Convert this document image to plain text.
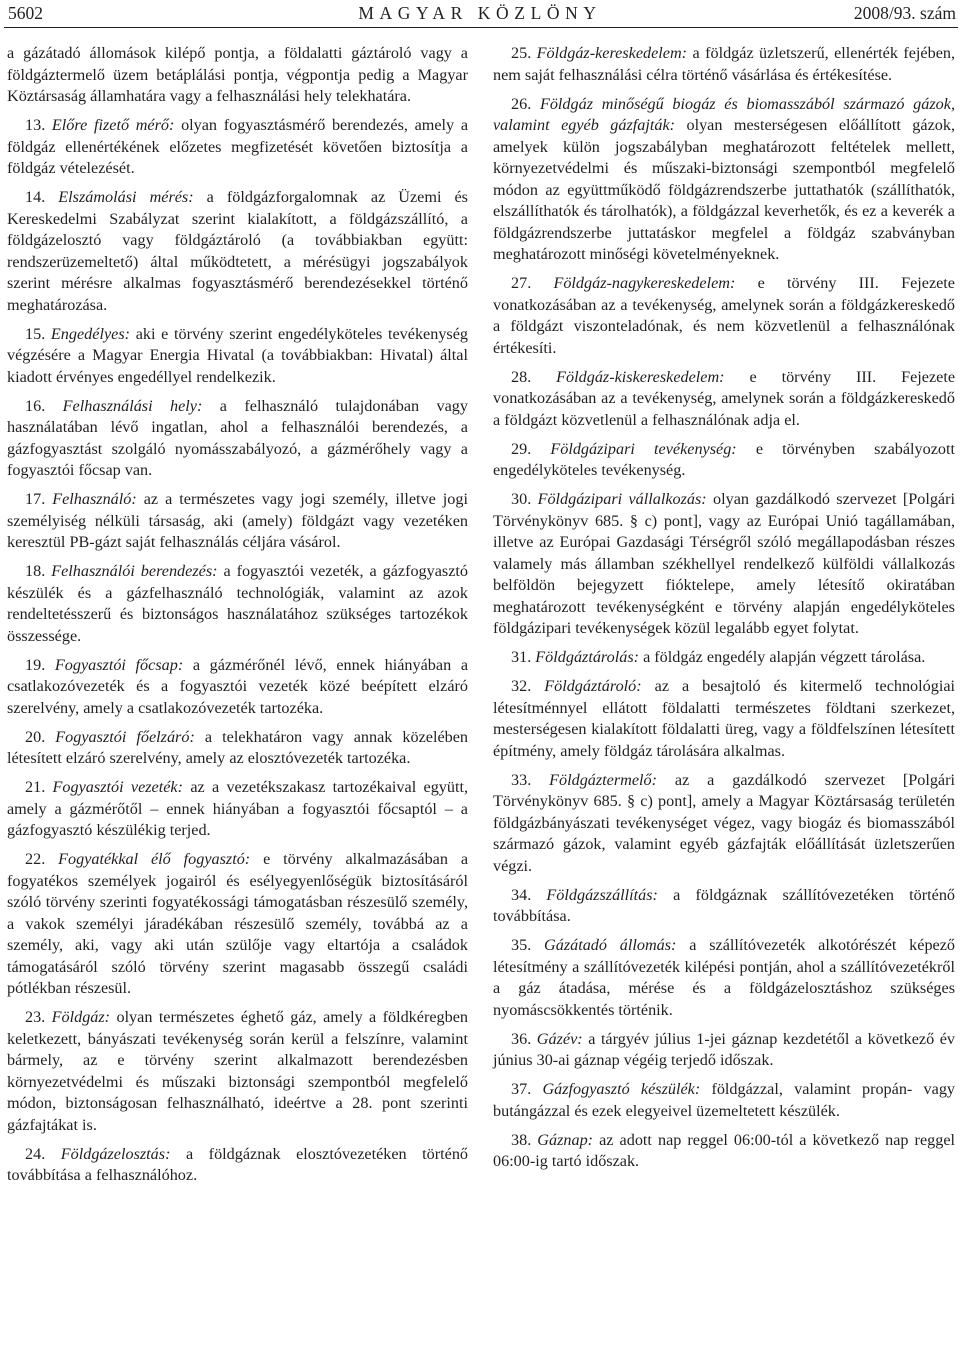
5602	MAGYAR KÖZLÖNY	2008/93. szám

a gázátadó állomások kilépő pontja, a földalatti gáztároló vagy a földgáztermelő üzem betáplálási pontja, végpontja pedig a Magyar Köztársaság államhatára vagy a felhasználási hely telekhatára.

13. Előre fizető mérő: olyan fogyasztásmérő berendezés, amely a földgáz ellenértékének előzetes megfizetését követően biztosítja a földgáz vételezését.

14. Elszámolási mérés: a földgázforgalomnak az Üzemi és Kereskedelmi Szabályzat szerint kialakított, a földgázszállító, a földgázelosztó vagy földgáztároló (a továbbiakban együtt: rendszerüzemeltető) által működtetett, a mérésügyi jogszabályok szerint mérésre alkalmas fogyasztásmérő berendezésekkel történő meghatározása.

15. Engedélyes: aki e törvény szerint engedélyköteles tevékenység végzésére a Magyar Energia Hivatal (a továbbiakban: Hivatal) által kiadott érvényes engedéllyel rendelkezik.

16. Felhasználási hely: a felhasználó tulajdonában vagy használatában lévő ingatlan, ahol a felhasználói berendezés, a gázfogyasztást szolgáló nyomásszabályozó, a gázmérőhely vagy a fogyasztói főcsap van.

17. Felhasználó: az a természetes vagy jogi személy, illetve jogi személyiség nélküli társaság, aki (amely) földgázt vagy vezetéken keresztül PB-gázt saját felhasználás céljára vásárol.

18. Felhasználói berendezés: a fogyasztói vezeték, a gázfogyasztó készülék és a gázfelhasználó technológiák, valamint az azok rendeltetésszerű és biztonságos használatához szükséges tartozékok összessége.

19. Fogyasztói főcsap: a gázmérőnél lévő, ennek hiányában a csatlakozóvezeték és a fogyasztói vezeték közé beépített elzáró szerelvény, amely a csatlakozóvezeték tartozéka.

20. Fogyasztói főelzáró: a telekhatáron vagy annak közelében létesített elzáró szerelvény, amely az elosztóvezeték tartozéka.

21. Fogyasztói vezeték: az a vezetékszakasz tartozékaival együtt, amely a gázmérőtől – ennek hiányában a fogyasztói főcsaptól – a gázfogyasztó készülékig terjed.

22. Fogyatékkal élő fogyasztó: e törvény alkalmazásában a fogyatékos személyek jogairól és esélyegyenlőségük biztosításáról szóló törvény szerinti fogyatékossági támogatásban részesülő személy, a vakok személyi járadékában részesülő személy, továbbá az a személy, aki, vagy aki után szülője vagy eltartója a családok támogatásáról szóló törvény szerint magasabb összegű családi pótlékban részesül.

23. Földgáz: olyan természetes éghető gáz, amely a földkéregben keletkezett, bányászati tevékenység során kerül a felszínre, valamint bármely, az e törvény szerint alkalmazott berendezésben környezetvédelmi és műszaki biztonsági szempontból megfelelő módon, biztonságosan felhasználható, ideértve a 28. pont szerinti gázfajtákat is.

24. Földgázelosztás: a földgáznak elosztóvezetéken történő továbbítása a felhasználóhoz.

25. Földgáz-kereskedelem: a földgáz üzletszerű, ellenérték fejében, nem saját felhasználási célra történő vásárlása és értékesítése.

26. Földgáz minőségű biogáz és biomasszából származó gázok, valamint egyéb gázfajták: olyan mesterségesen előállított gázok, amelyek külön jogszabályban meghatározott feltételek mellett, környezetvédelmi és műszaki-biztonsági szempontból megfelelő módon az együttműködő földgázrendszerbe juttathatók (szállíthatók, elszállíthatók és tárolhatók), a földgázzal keverhetők, és ez a keverék a földgázrendszerbe juttatáskor megfelel a földgáz szabványban meghatározott minőségi követelményeknek.

27. Földgáz-nagykereskedelem: e törvény III. Fejezete vonatkozásában az a tevékenység, amelynek során a földgázkereskedő a földgázt viszonteladónak, és nem közvetlenül a felhasználónak értékesíti.

28. Földgáz-kiskereskedelem: e törvény III. Fejezete vonatkozásában az a tevékenység, amelynek során a földgázkereskedő a földgázt közvetlenül a felhasználónak adja el.

29. Földgázipari tevékenység: e törvényben szabályozott engedélyköteles tevékenység.

30. Földgázipari vállalkozás: olyan gazdálkodó szervezet [Polgári Törvénykönyv 685. § c) pont], vagy az Európai Unió tagállamában, illetve az Európai Gazdasági Térségről szóló megállapodásban részes valamely más államban székhellyel rendelkező külföldi vállalkozás belföldön bejegyzett fióktelepe, amely létesítő okiratában meghatározott tevékenységként e törvény alapján engedélyköteles földgázipari tevékenységek közül legalább egyet folytat.

31. Földgáztárolás: a földgáz engedély alapján végzett tárolása.

32. Földgáztároló: az a besajtoló és kitermelő technológiai létesítménnyel ellátott földalatti természetes földtani szerkezet, mesterségesen kialakított földalatti üreg, vagy a földfelszínen létesített építmény, amely földgáz tárolására alkalmas.

33. Földgáztermelő: az a gazdálkodó szervezet [Polgári Törvénykönyv 685. § c) pont], amely a Magyar Köztársaság területén földgázbányászati tevékenységet végez, vagy biogáz és biomasszából származó gázok, valamint egyéb gázfajták előállítását üzletszerűen végzi.

34. Földgázszállítás: a földgáznak szállítóvezetéken történő továbbítása.

35. Gázátadó állomás: a szállítóvezeték alkotórészét képező létesítmény a szállítóvezeték kilépési pontján, ahol a szállítóvezetékről a gáz átadása, mérése és a földgázelosztáshoz szükséges nyomáscsökkentés történik.

36. Gázév: a tárgyév július 1-jei gáznap kezdetétől a következő év június 30-ai gáznap végéig terjedő időszak.

37. Gázfogyasztó készülék: földgázzal, valamint propán- vagy butángázzal és ezek elegyeivel üzemeltetett készülék.

38. Gáznap: az adott nap reggel 06:00-tól a következő nap reggel 06:00-ig tartó időszak.
